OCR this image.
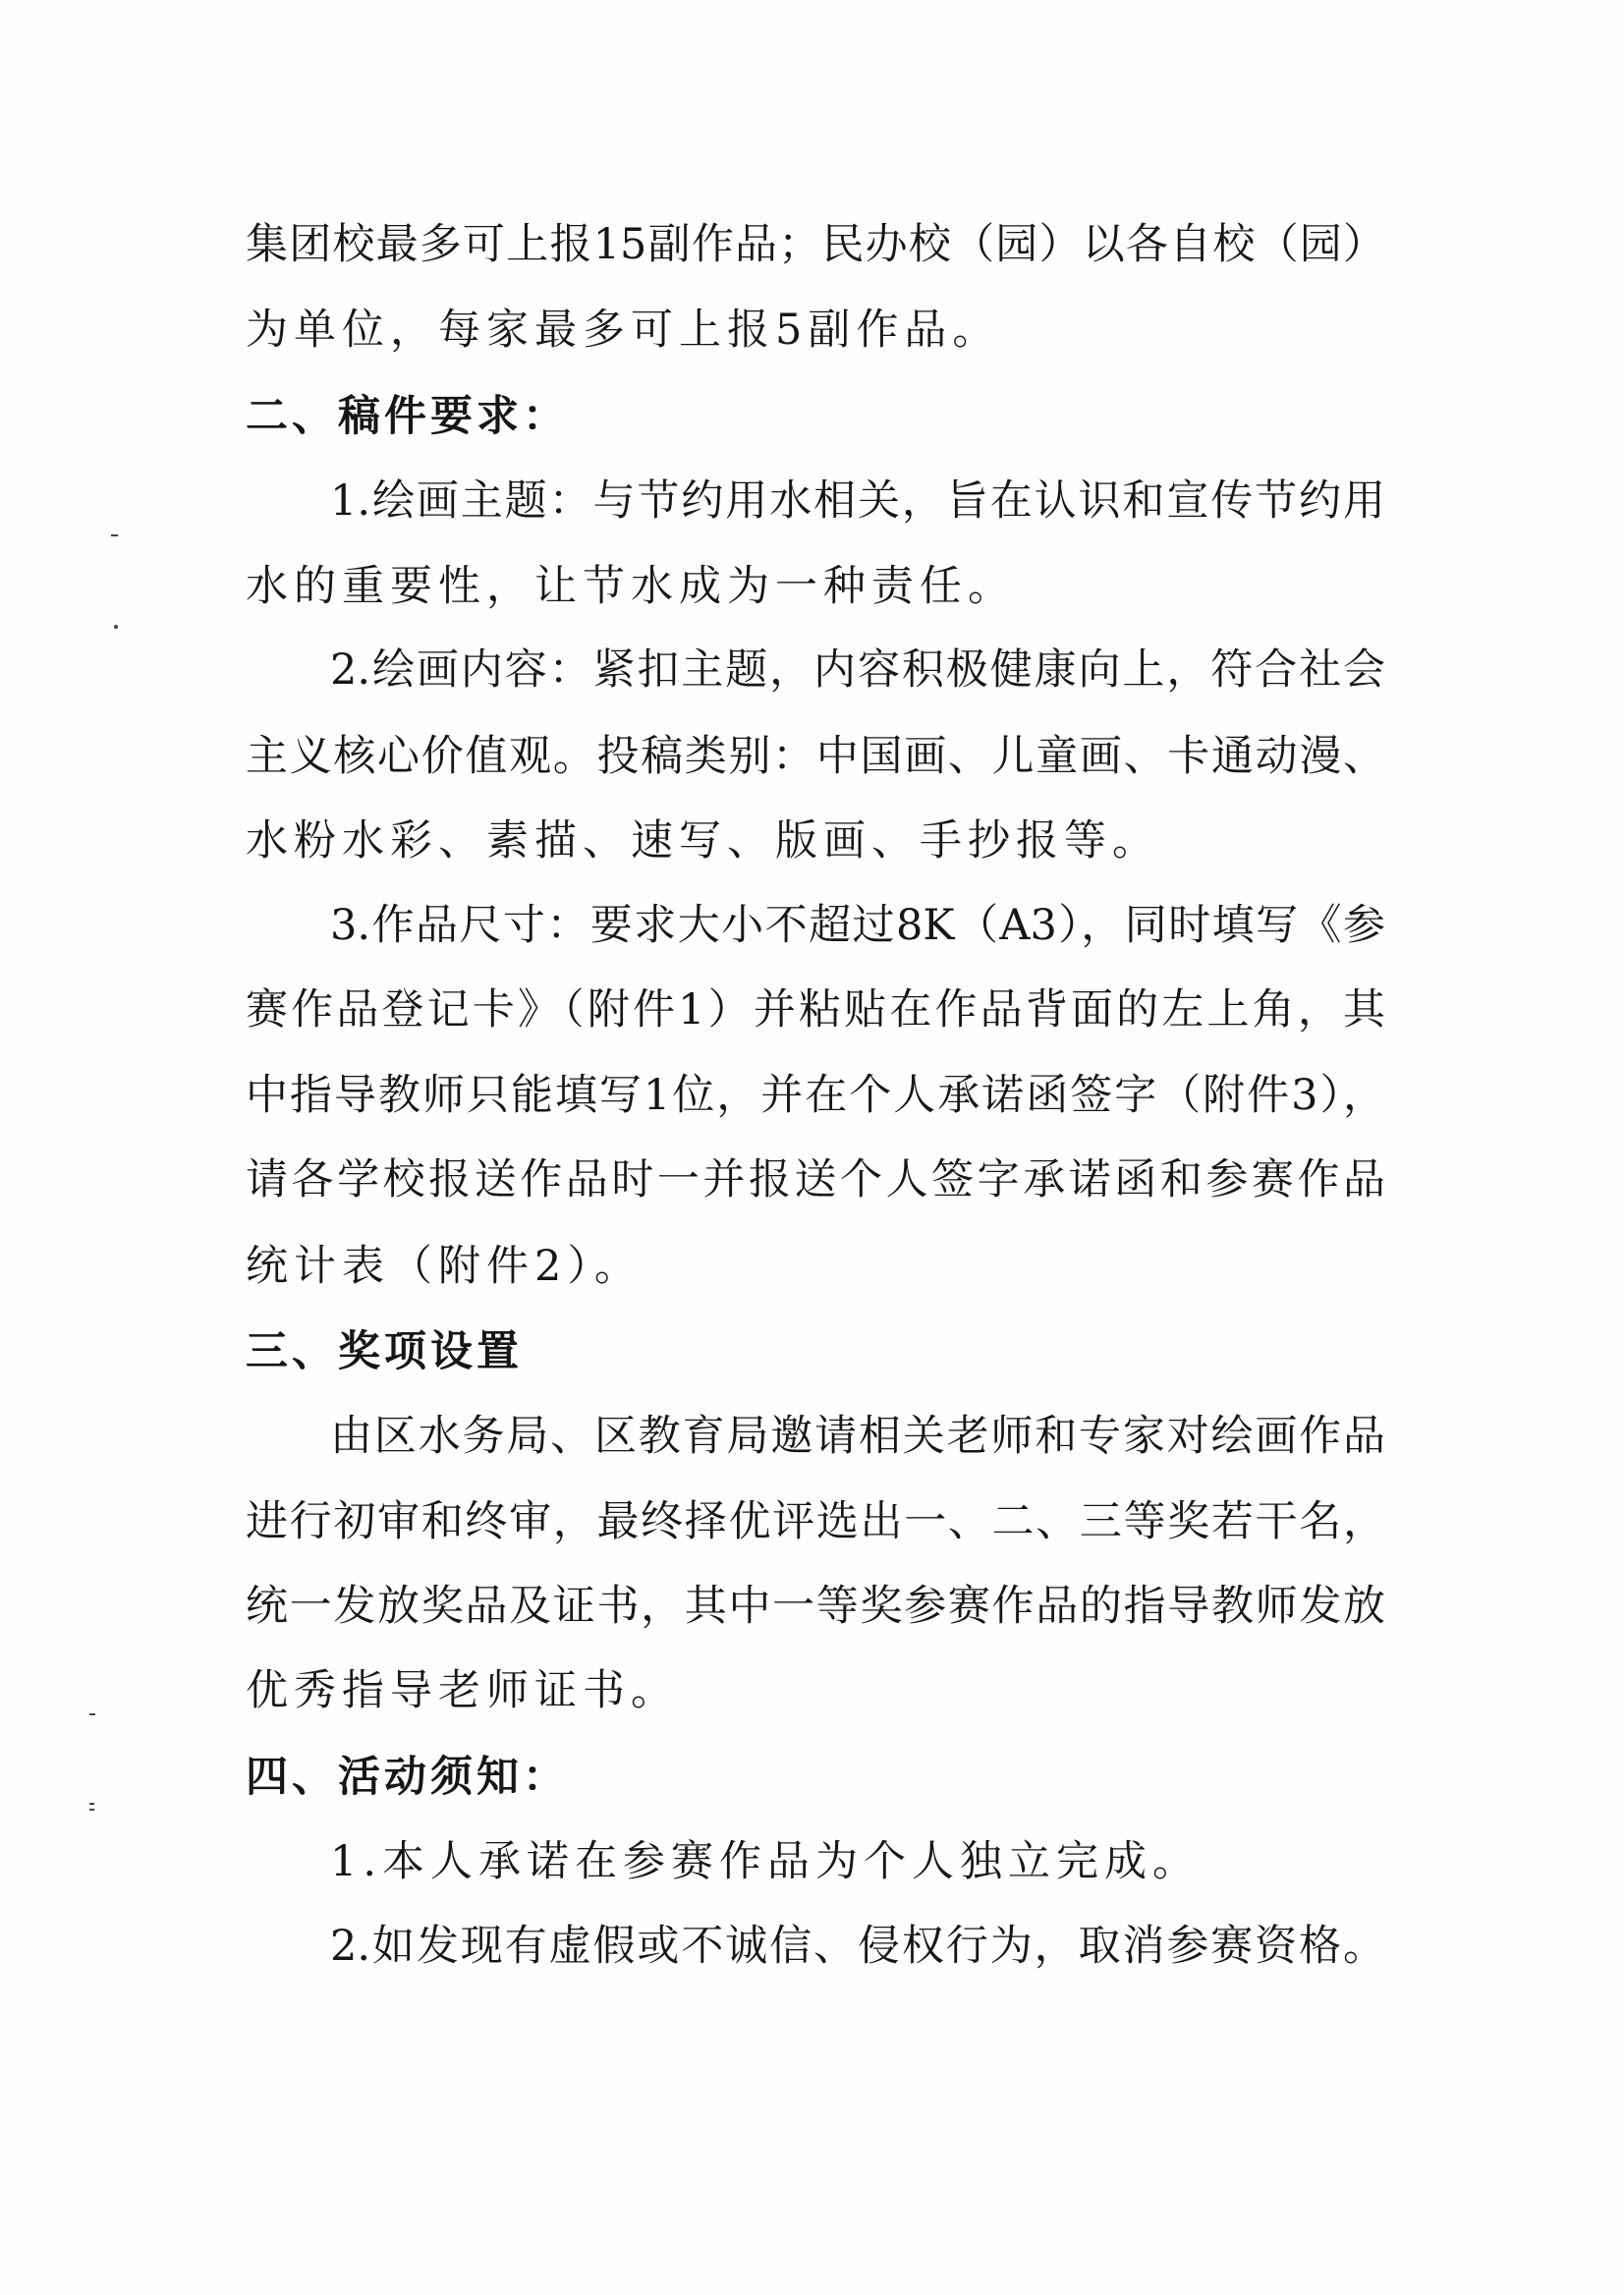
集团校最多可上报15副作品；民办校（园）以各自校（园）
为单位，每家最多可上报5副作品。
二、稿件要求：
1.绘画主题：与节约用水相关，旨在认识和宣传节约用
水的重要性，让节水成为一种责任。
2.绘画内容：紧扣主题，内容积极健康向上，符合社会
主义核心价值观。投稿类别：中国画、儿童画、卡通动漫、
水粉水彩、素描、速写、版画、手抄报等。
3.作品尺寸：要求大小不超过8K（A3），同时填写《参
赛作品登记卡》（附件1）并粘贴在作品背面的左上角，其
中指导教师只能填写1位，并在个人承诺函签字（附件3），
请各学校报送作品时一并报送个人签字承诺函和参赛作品
统计表（附件2）。
三、奖项设置
由区水务局、区教育局邀请相关老师和专家对绘画作品
进行初审和终审，最终择优评选出一、二、三等奖若干名，
统一发放奖品及证书，其中一等奖参赛作品的指导教师发放
优秀指导老师证书。
四、活动须知：
1.本人承诺在参赛作品为个人独立完成。
2.如发现有虚假或不诚信、侵权行为，取消参赛资格。
